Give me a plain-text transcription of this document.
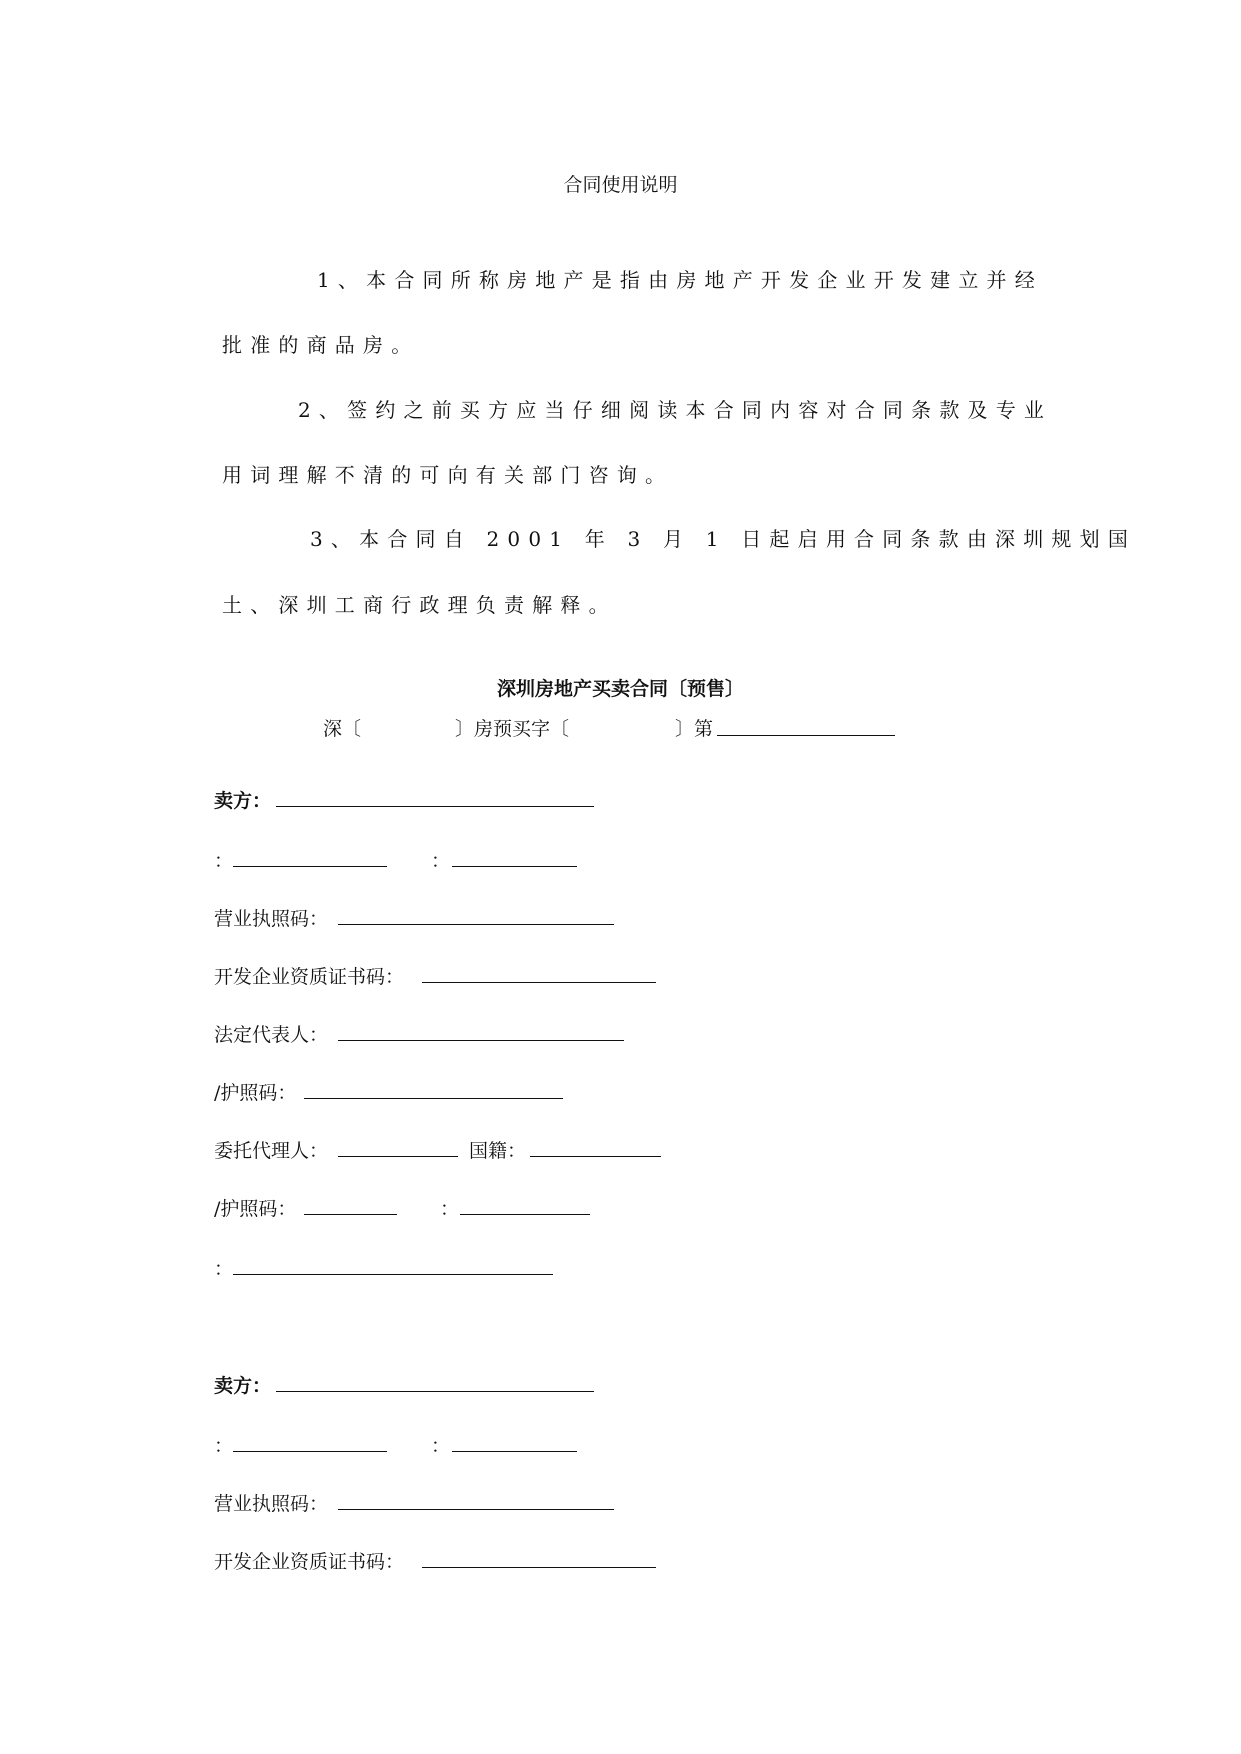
合同使用说明
1、本合同所称房地产是指由房地产开发企业开发建立并经
批准的商品房。
2、签约之前买方应当仔细阅读本合同内容对合同条款及专业
用词理解不清的可向有关部门咨询。
3、本合同自 2001 年 3 月 1 日起启用合同条款由深圳规划国
土、深圳工商行政理负责解释。
深圳房地产买卖合同〔预售〕
深〔	〕房预买字〔	〕第
卖方：
：	：
营业执照码：
开发企业资质证书码：
法定代表人：
/护照码：
委托代理人：	国籍：
/护照码：	：
：
卖方：
：	：
营业执照码：
开发企业资质证书码：
